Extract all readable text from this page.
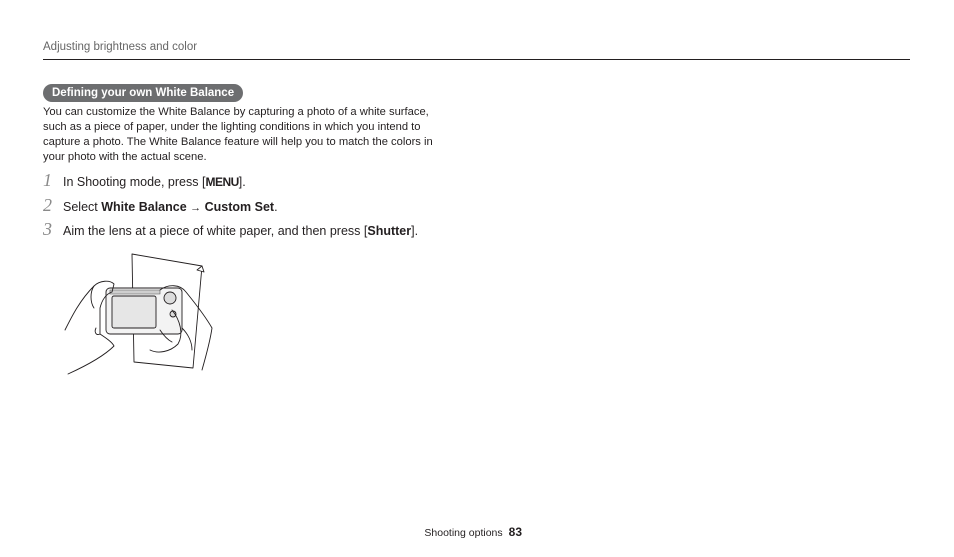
Adjusting brightness and color
Defining your own White Balance
You can customize the White Balance by capturing a photo of a white surface, such as a piece of paper, under the lighting conditions in which you intend to capture a photo. The White Balance feature will help you to match the colors in your photo with the actual scene.
1 In Shooting mode, press [MENU].
2 Select White Balance → Custom Set.
3 Aim the lens at a piece of white paper, and then press [Shutter].
Shooting options 83
